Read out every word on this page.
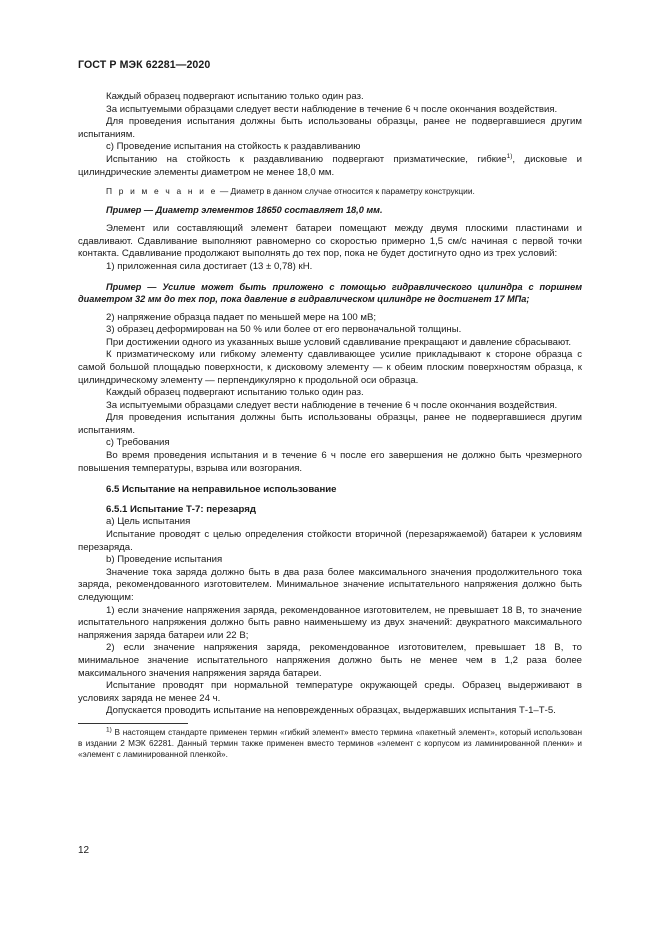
ГОСТ Р МЭК 62281—2020

Каждый образец подвергают испытанию только один раз.

За испытуемыми образцами следует вести наблюдение в течение 6 ч после окончания воздействия.

Для проведения испытания должны быть использованы образцы, ранее не подвергавшиеся другим испытаниям.

с) Проведение испытания на стойкость к раздавливанию

Испытанию на стойкость к раздавливанию подвергают призматические, гибкие$^{1)}$, дисковые и цилиндрические элементы диаметром не менее 18,0 мм.

П р и м е ч а н и е — Диаметр в данном случае относится к параметру конструкции.

Пример — Диаметр элементов 18650 составляет 18,0 мм.

Элемент или составляющий элемент батареи помещают между двумя плоскими пластинами и сдавливают. Сдавливание выполняют равномерно со скоростью примерно 1,5 см/с начиная с первой точки контакта. Сдавливание продолжают выполнять до тех пор, пока не будет достигнуто одно из трех условий:

1) приложенная сила достигает (13 ± 0,78) кН.

Пример — Усилие может быть приложено с помощью гидравлического цилиндра с поршнем диаметром 32 мм до тех пор, пока давление в гидравлическом цилиндре не достигнет 17 МПа;

2) напряжение образца падает по меньшей мере на 100 мВ;

3) образец деформирован на 50 % или более от его первоначальной толщины.

При достижении одного из указанных выше условий сдавливание прекращают и давление сбрасывают.

К призматическому или гибкому элементу сдавливающее усилие прикладывают к стороне образца с самой большой площадью поверхности, к дисковому элементу — к обеим плоским поверхностям образца, к цилиндрическому элементу — перпендикулярно к продольной оси образца.

Каждый образец подвергают испытанию только один раз.

За испытуемыми образцами следует вести наблюдение в течение 6 ч после окончания воздействия.

Для проведения испытания должны быть использованы образцы, ранее не подвергавшиеся другим испытаниям.

с) Требования

Во время проведения испытания и в течение 6 ч после его завершения не должно быть чрезмерного повышения температуры, взрыва или возгорания.

6.5 Испытание на неправильное использование

6.5.1 Испытание Т-7: перезаряд

a) Цель испытания

Испытание проводят с целью определения стойкости вторичной (перезаряжаемой) батареи к условиям перезаряда.

b) Проведение испытания

Значение тока заряда должно быть в два раза более максимального значения продолжительного тока заряда, рекомендованного изготовителем. Минимальное значение испытательного напряжения должно быть следующим:

1) если значение напряжения заряда, рекомендованное изготовителем, не превышает 18 В, то значение испытательного напряжения должно быть равно наименьшему из двух значений: двукратного максимального напряжения заряда батареи или 22 В;

2) если значение напряжения заряда, рекомендованное изготовителем, превышает 18 В, то минимальное значение испытательного напряжения должно быть не менее чем в 1,2 раза более максимального значения напряжения заряда батареи.

Испытание проводят при нормальной температуре окружающей среды. Образец выдерживают в условиях заряда не менее 24 ч.

Допускается проводить испытание на неповрежденных образцах, выдержавших испытания Т-1–Т-5.

$^{1)}$ В настоящем стандарте применен термин «гибкий элемент» вместо термина «пакетный элемент», который использован в издании 2 МЭК 62281. Данный термин также применен вместо терминов «элемент с корпусом из ламинированной пленки» и «элемент с ламинированной пленкой».

12
